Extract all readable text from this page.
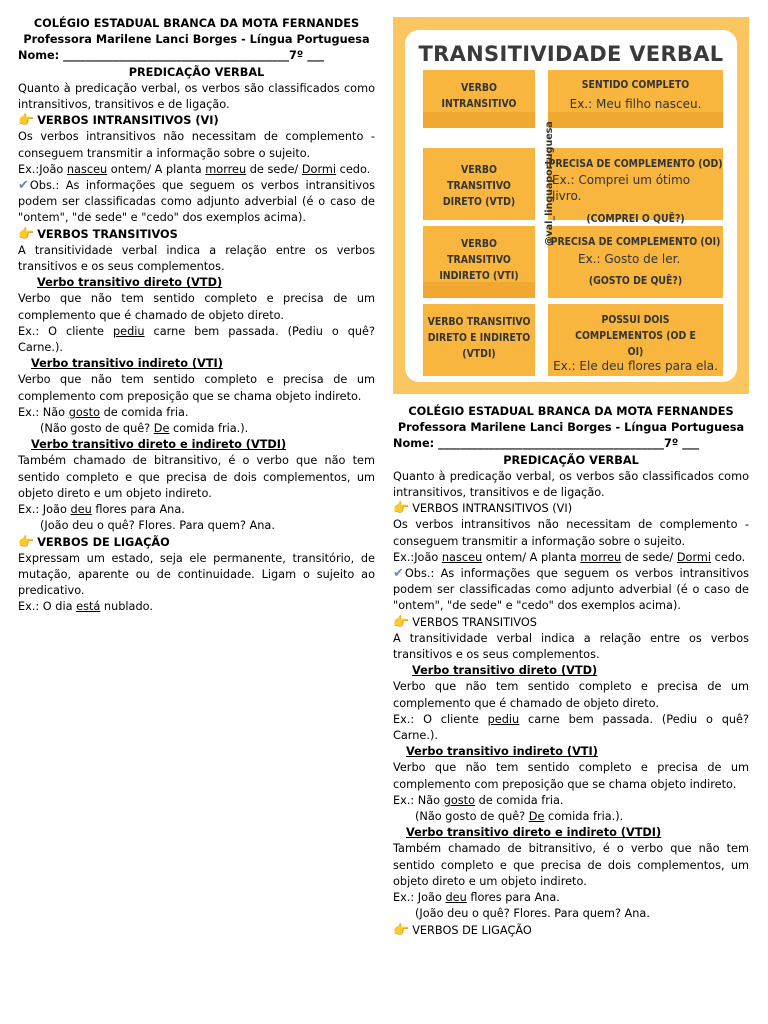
COLÉGIO ESTADUAL BRANCA DA MOTA FERNANDES

Professora Marilene Lanci Borges - Língua Portuguesa

Nome: ________________________________________7º ___

PREDICAÇÃO VERBAL

Quanto à predicação verbal, os verbos são classificados como intransitivos, transitivos e de ligação.

👉 VERBOS INTRANSITIVOS (VI)

Os verbos intransitivos não necessitam de complemento - conseguem transmitir a informação sobre o sujeito.

Ex.:João nasceu ontem/ A planta morreu de sede/ Dormi cedo.

✔Obs.: As informações que seguem os verbos intransitivos podem ser classificadas como adjunto adverbial (é o caso de "ontem", "de sede" e "cedo" dos exemplos acima).

👉 VERBOS TRANSITIVOS

A transitividade verbal indica a relação entre os verbos transitivos e os seus complementos.

Verbo transitivo direto (VTD)

Verbo que não tem sentido completo e precisa de um complemento que é chamado de objeto direto.

Ex.: O cliente pediu carne bem passada. (Pediu o quê? Carne.).

Verbo transitivo indireto (VTI)

Verbo que não tem sentido completo e precisa de um complemento com preposição que se chama objeto indireto.

Ex.: Não gosto de comida fria.

(Não gosto de quê? De comida fria.).

Verbo transitivo direto e indireto (VTDI)

Também chamado de bitransitivo, é o verbo que não tem sentido completo e que precisa de dois complementos, um objeto direto e um objeto indireto.

Ex.: João deu flores para Ana.

(João deu o quê? Flores. Para quem? Ana.

👉 VERBOS DE LIGAÇÃO

Expressam um estado, seja ele permanente, transitório, de mutação, aparente ou de continuidade. Ligam o sujeito ao predicativo.

Ex.: O dia está nublado.

TRANSITIVIDADE VERBAL
VERBO INTRANSITIVO
SENTIDO COMPLETO
Ex.: Meu filho nasceu.
VERBO TRANSITIVO DIRETO (VTD)
PRECISA DE COMPLEMENTO (OD)
Ex.: Comprei um ótimo livro.
(COMPREI O QUÊ?)
VERBO TRANSITIVO INDIRETO (VTI)
PRECISA DE COMPLEMENTO (OI)
Ex.: Gosto de ler.
(GOSTO DE QUÊ?)
VERBO TRANSITIVO DIRETO E INDIRETO (VTDI)
POSSUI DOIS COMPLEMENTOS (OD E OI)
Ex.: Ele deu flores para ela.
@val_linguaportuguesa

COLÉGIO ESTADUAL BRANCA DA MOTA FERNANDES

Professora Marilene Lanci Borges - Língua Portuguesa

Nome: ________________________________________7º ___

PREDICAÇÃO VERBAL

Quanto à predicação verbal, os verbos são classificados como intransitivos, transitivos e de ligação.

👉 VERBOS INTRANSITIVOS (VI)

Os verbos intransitivos não necessitam de complemento - conseguem transmitir a informação sobre o sujeito.

Ex.:João nasceu ontem/ A planta morreu de sede/ Dormi cedo.

✔Obs.: As informações que seguem os verbos intransitivos podem ser classificadas como adjunto adverbial (é o caso de "ontem", "de sede" e "cedo" dos exemplos acima).

👉 VERBOS TRANSITIVOS

A transitividade verbal indica a relação entre os verbos transitivos e os seus complementos.

Verbo transitivo direto (VTD)

Verbo que não tem sentido completo e precisa de um complemento que é chamado de objeto direto.

Ex.: O cliente pediu carne bem passada. (Pediu o quê? Carne.).

Verbo transitivo indireto (VTI)

Verbo que não tem sentido completo e precisa de um complemento com preposição que se chama objeto indireto.

Ex.: Não gosto de comida fria.

(Não gosto de quê? De comida fria.).

Verbo transitivo direto e indireto (VTDI)

Também chamado de bitransitivo, é o verbo que não tem sentido completo e que precisa de dois complementos, um objeto direto e um objeto indireto.

Ex.: João deu flores para Ana.

(João deu o quê? Flores. Para quem? Ana.

👉 VERBOS DE LIGAÇÃO
